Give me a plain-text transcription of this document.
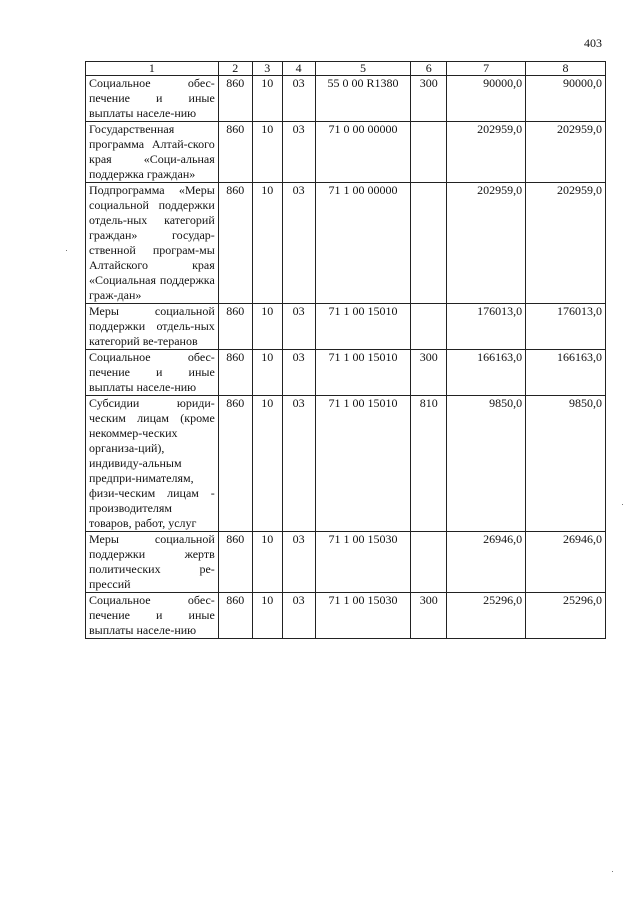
403
1	2	3	4	5	6	7	8
Социальное обес-печение и иные выплаты населе-нию	860	10	03	55 0 00 R1380	300	90000,0	90000,0
Государственная программа Алтай-ского края «Соци-альная поддержка граждан»	860	10	03	71 0 00 00000		202959,0	202959,0
Подпрограмма «Меры социальной поддержки отдель-ных категорий граждан» государ-ственной програм-мы Алтайского края «Социальная поддержка граж-дан»	860	10	03	71 1 00 00000		202959,0	202959,0
Меры социальной поддержки отдель-ных категорий ве-теранов	860	10	03	71 1 00 15010		176013,0	176013,0
Социальное обес-печение и иные выплаты населе-нию	860	10	03	71 1 00 15010	300	166163,0	166163,0
Субсидии юриди-ческим лицам (кроме некоммер-ческих организа-ций), индивиду-альным предпри-нимателям, физи-ческим лицам - производителям товаров, работ, услуг	860	10	03	71 1 00 15010	810	9850,0	9850,0
Меры социальной поддержки жертв политических ре-прессий	860	10	03	71 1 00 15030		26946,0	26946,0
Социальное обес-печение и иные выплаты населе-нию	860	10	03	71 1 00 15030	300	25296,0	25296,0
